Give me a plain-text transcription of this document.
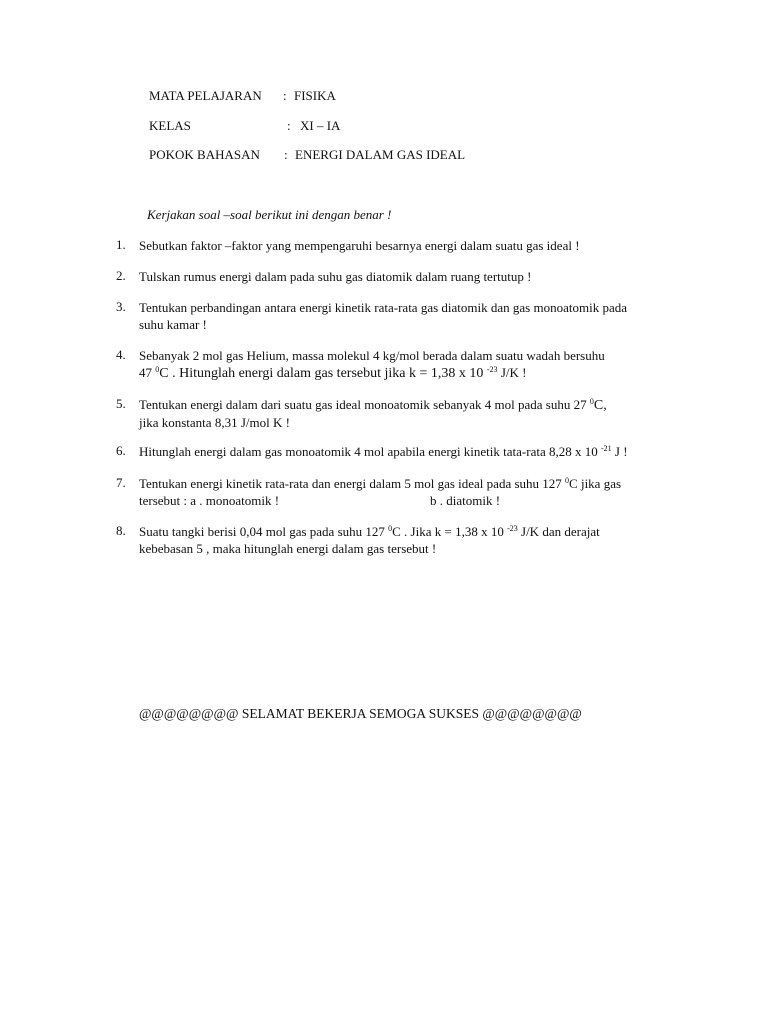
MATA PELAJARAN : FISIKA
KELAS	: XI – IA
POKOK BAHASAN : ENERGI DALAM GAS IDEAL
Kerjakan soal –soal berikut ini dengan benar !
1. Sebutkan faktor –faktor yang mempengaruhi besarnya energi dalam suatu gas ideal !
2. Tulskan rumus energi dalam pada suhu gas diatomik dalam ruang tertutup !
3. Tentukan perbandingan antara energi kinetik rata-rata gas diatomik dan gas monoatomik pada
suhu kamar !
4. Sebanyak 2 mol gas Helium, massa molekul 4 kg/mol berada dalam suatu wadah bersuhu
47 $^0$C . Hitunglah energi dalam gas tersebut jika k = 1,38 x 10 $^{-23}$ J/K !
5. Tentukan energi dalam dari suatu gas ideal monoatomik sebanyak 4 mol pada suhu 27 $^0$C,
jika konstanta 8,31 J/mol K !
6. Hitunglah energi dalam gas monoatomik 4 mol apabila energi kinetik tata-rata 8,28 x 10 $^{-21}$ J !
7. Tentukan energi kinetik rata-rata dan energi dalam 5 mol gas ideal pada suhu 127 $^0$C jika gas
tersebut : a . monoatomik !	b . diatomik !
8. Suatu tangki berisi 0,04 mol gas pada suhu 127 $^0$C . Jika k = 1,38 x 10 $^{-23}$ J/K dan derajat
kebebasan 5 , maka hitunglah energi dalam gas tersebut !
@@@@@@@@ SELAMAT BEKERJA SEMOGA SUKSES @@@@@@@@
